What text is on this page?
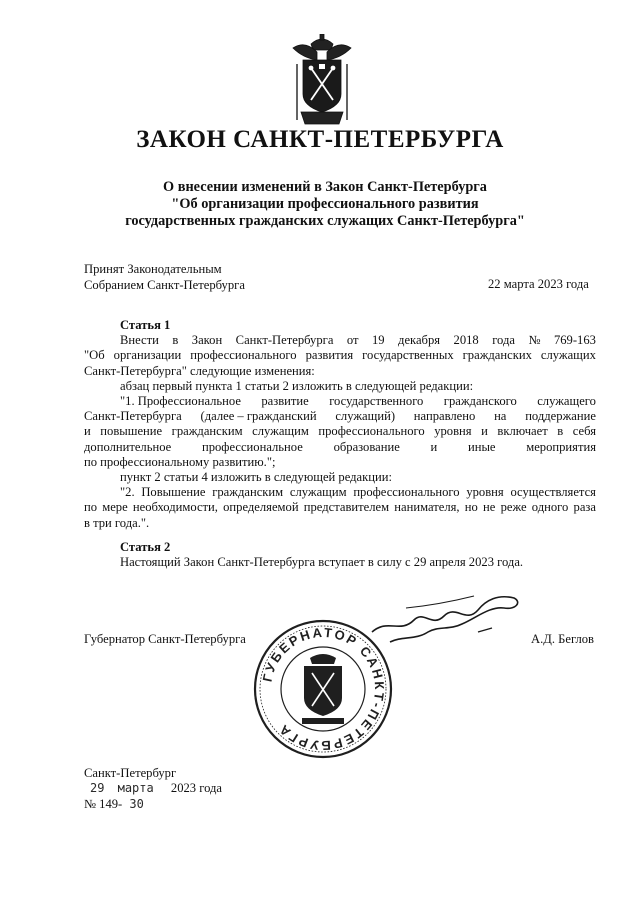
ЗАКОН САНКТ-ПЕТЕРБУРГА
О внесении изменений в Закон Санкт-Петербурга
"Об организации профессионального развития
государственных гражданских служащих Санкт-Петербурга"
Принят Законодательным
Собранием Санкт-Петербурга	22 марта 2023 года
Статья 1
Внести в Закон Санкт-Петербурга от 19 декабря 2018 года № 769-163
"Об организации профессионального развития государственных гражданских служащих
Санкт-Петербурга" следующие изменения:
абзац первый пункта 1 статьи 2 изложить в следующей редакции:
"1. Профессиональное развитие государственного гражданского служащего
Санкт-Петербурга (далее – гражданский служащий) направлено на поддержание
и повышение гражданским служащим профессионального уровня и включает в себя
дополнительное профессиональное образование и иные мероприятия
по профессиональному развитию.";
пункт 2 статьи 4 изложить в следующей редакции:
"2. Повышение гражданским служащим профессионального уровня осуществляется
по мере необходимости, определяемой представителем нанимателя, но не реже одного раза
в три года.".
Статья 2
Настоящий Закон Санкт-Петербурга вступает в силу с 29 апреля 2023 года.
Губернатор Санкт-Петербурга
ГУБЕРНАТОР САНКТ-ПЕТЕРБУРГА
А.Д. Беглов
Санкт-Петербург
29 марта 2023 года
№ 149- 30
